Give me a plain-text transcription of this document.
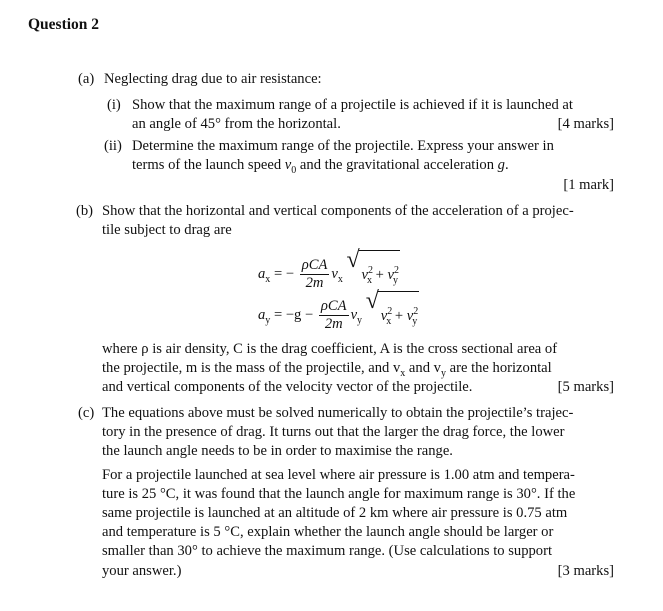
Question 2
(a) Neglecting drag due to air resistance:
(i) Show that the maximum range of a projectile is achieved if it is launched at
an angle of 45° from the horizontal.	[4 marks]
(ii) Determine the maximum range of the projectile. Express your answer in
terms of the launch speed $v_0$ and the gravitational acceleration g.
[1 mark]
(b) Show that the horizontal and vertical components of the acceleration of a projec-
tile subject to drag are
$a_x$ = − $\frac{\text{ρCA}}{2m} v_x$
√
$v^2_x + v^2_y$
$a_y = -g - \frac{\text{ρCA}}{2m} v_y$
√
$v^2_x + v^2_y$
where ρ is air density, C is the drag coefficient, A is the cross sectional area of
the projectile, m is the mass of the projectile, and $v_x$ and $v_y$ are the horizontal
and vertical components of the velocity vector of the projectile.	[5 marks]
(c) The equations above must be solved numerically to obtain the projectile’s trajec-
tory in the presence of drag. It turns out that the larger the drag force, the lower
the launch angle needs to be in order to maximise the range.
For a projectile launched at sea level where air pressure is 1.00 atm and tempera-
ture is 25 °C, it was found that the launch angle for maximum range is 30°. If the
same projectile is launched at an altitude of 2 km where air pressure is 0.75 atm
and temperature is 5 °C, explain whether the launch angle should be larger or
smaller than 30° to achieve the maximum range. (Use calculations to support
your answer.)	[3 marks]
